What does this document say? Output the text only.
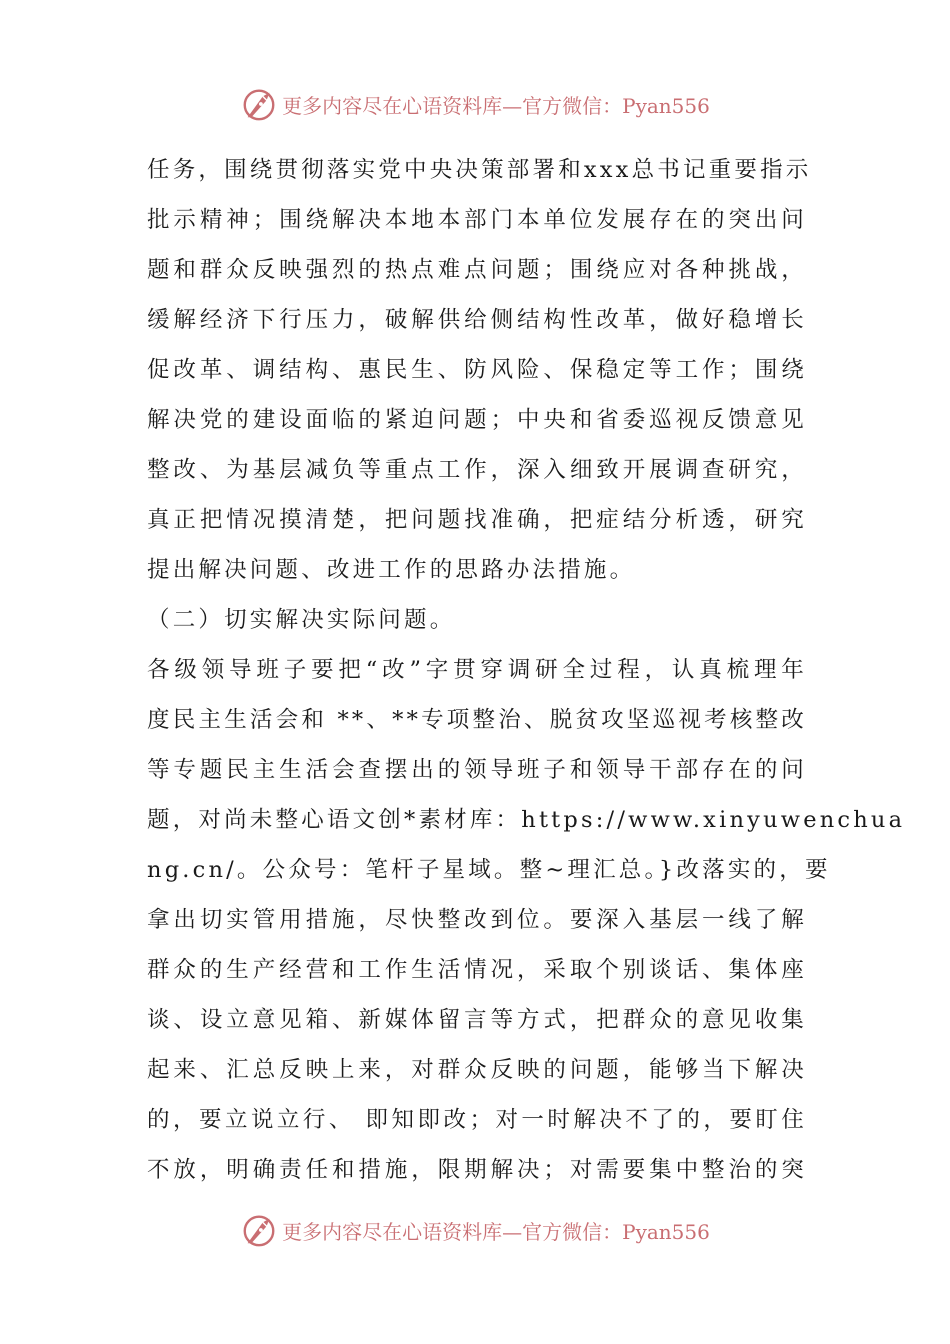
更多内容尽在心语资料库—官方微信：Pyan556
任务，围绕贯彻落实党中央决策部署和xxx总书记重要指示
批示精神；围绕解决本地本部门本单位发展存在的突出问
题和群众反映强烈的热点难点问题；围绕应对各种挑战，
缓解经济下行压力，破解供给侧结构性改革，做好稳增长
促改革、调结构、惠民生、防风险、保稳定等工作；围绕
解决党的建设面临的紧迫问题；中央和省委巡视反馈意见
整改、为基层减负等重点工作，深入细致开展调查研究，
真正把情况摸清楚，把问题找准确，把症结分析透，研究
提出解决问题、改进工作的思路办法措施。
（二）切实解决实际问题。
各级领导班子要把“改”字贯穿调研全过程，认真梳理年
度民主生活会和 **、**专项整治、脱贫攻坚巡视考核整改
等专题民主生活会查摆出的领导班子和领导干部存在的问
题，对尚未整心语文创*素材库：https://www.xinyuwenchua
ng.cn/。公众号：笔杆子星域。整~理汇总。}改落实的，要
拿出切实管用措施，尽快整改到位。要深入基层一线了解
群众的生产经营和工作生活情况，采取个别谈话、集体座
谈、设立意见箱、新媒体留言等方式，把群众的意见收集
起来、汇总反映上来，对群众反映的问题，能够当下解决
的，要立说立行、 即知即改；对一时解决不了的，要盯住
不放，明确责任和措施，限期解决；对需要集中整治的突
更多内容尽在心语资料库—官方微信：Pyan556
